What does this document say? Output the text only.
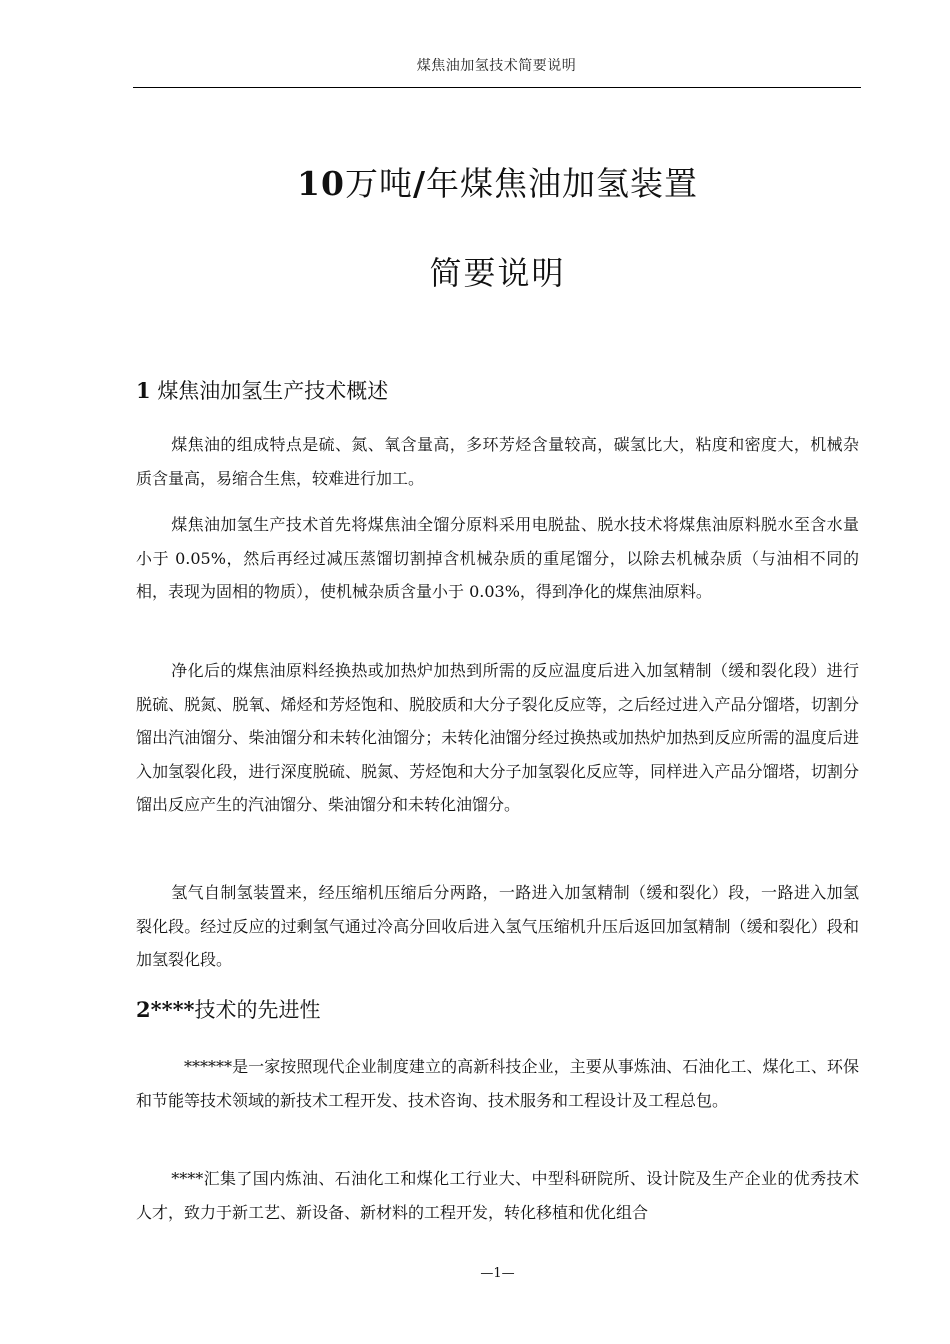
煤焦油加氢技术简要说明
10万吨/年煤焦油加氢装置
简要说明
1 煤焦油加氢生产技术概述

煤焦油的组成特点是硫、氮、氧含量高，多环芳烃含量较高，碳氢比大，粘度和密度大，机械杂质含量高，易缩合生焦，较难进行加工。

煤焦油加氢生产技术首先将煤焦油全馏分原料采用电脱盐、脱水技术将煤焦油原料脱水至含水量小于 0.05%，然后再经过减压蒸馏切割掉含机械杂质的重尾馏分，以除去机械杂质（与油相不同的相，表现为固相的物质），使机械杂质含量小于 0.03%，得到净化的煤焦油原料。

净化后的煤焦油原料经换热或加热炉加热到所需的反应温度后进入加氢精制（缓和裂化段）进行脱硫、脱氮、脱氧、烯烃和芳烃饱和、脱胶质和大分子裂化反应等，之后经过进入产品分馏塔，切割分馏出汽油馏分、柴油馏分和未转化油馏分；未转化油馏分经过换热或加热炉加热到反应所需的温度后进入加氢裂化段，进行深度脱硫、脱氮、芳烃饱和大分子加氢裂化反应等，同样进入产品分馏塔，切割分馏出反应产生的汽油馏分、柴油馏分和未转化油馏分。

氢气自制氢装置来，经压缩机压缩后分两路，一路进入加氢精制（缓和裂化）段，一路进入加氢裂化段。经过反应的过剩氢气通过冷高分回收后进入氢气压缩机升压后返回加氢精制（缓和裂化）段和加氢裂化段。

2****技术的先进性

******是一家按照现代企业制度建立的高新科技企业，主要从事炼油、石油化工、煤化工、环保和节能等技术领域的新技术工程开发、技术咨询、技术服务和工程设计及工程总包。

****汇集了国内炼油、石油化工和煤化工行业大、中型科研院所、设计院及生产企业的优秀技术人才，致力于新工艺、新设备、新材料的工程开发，转化移植和优化组合

—1—
